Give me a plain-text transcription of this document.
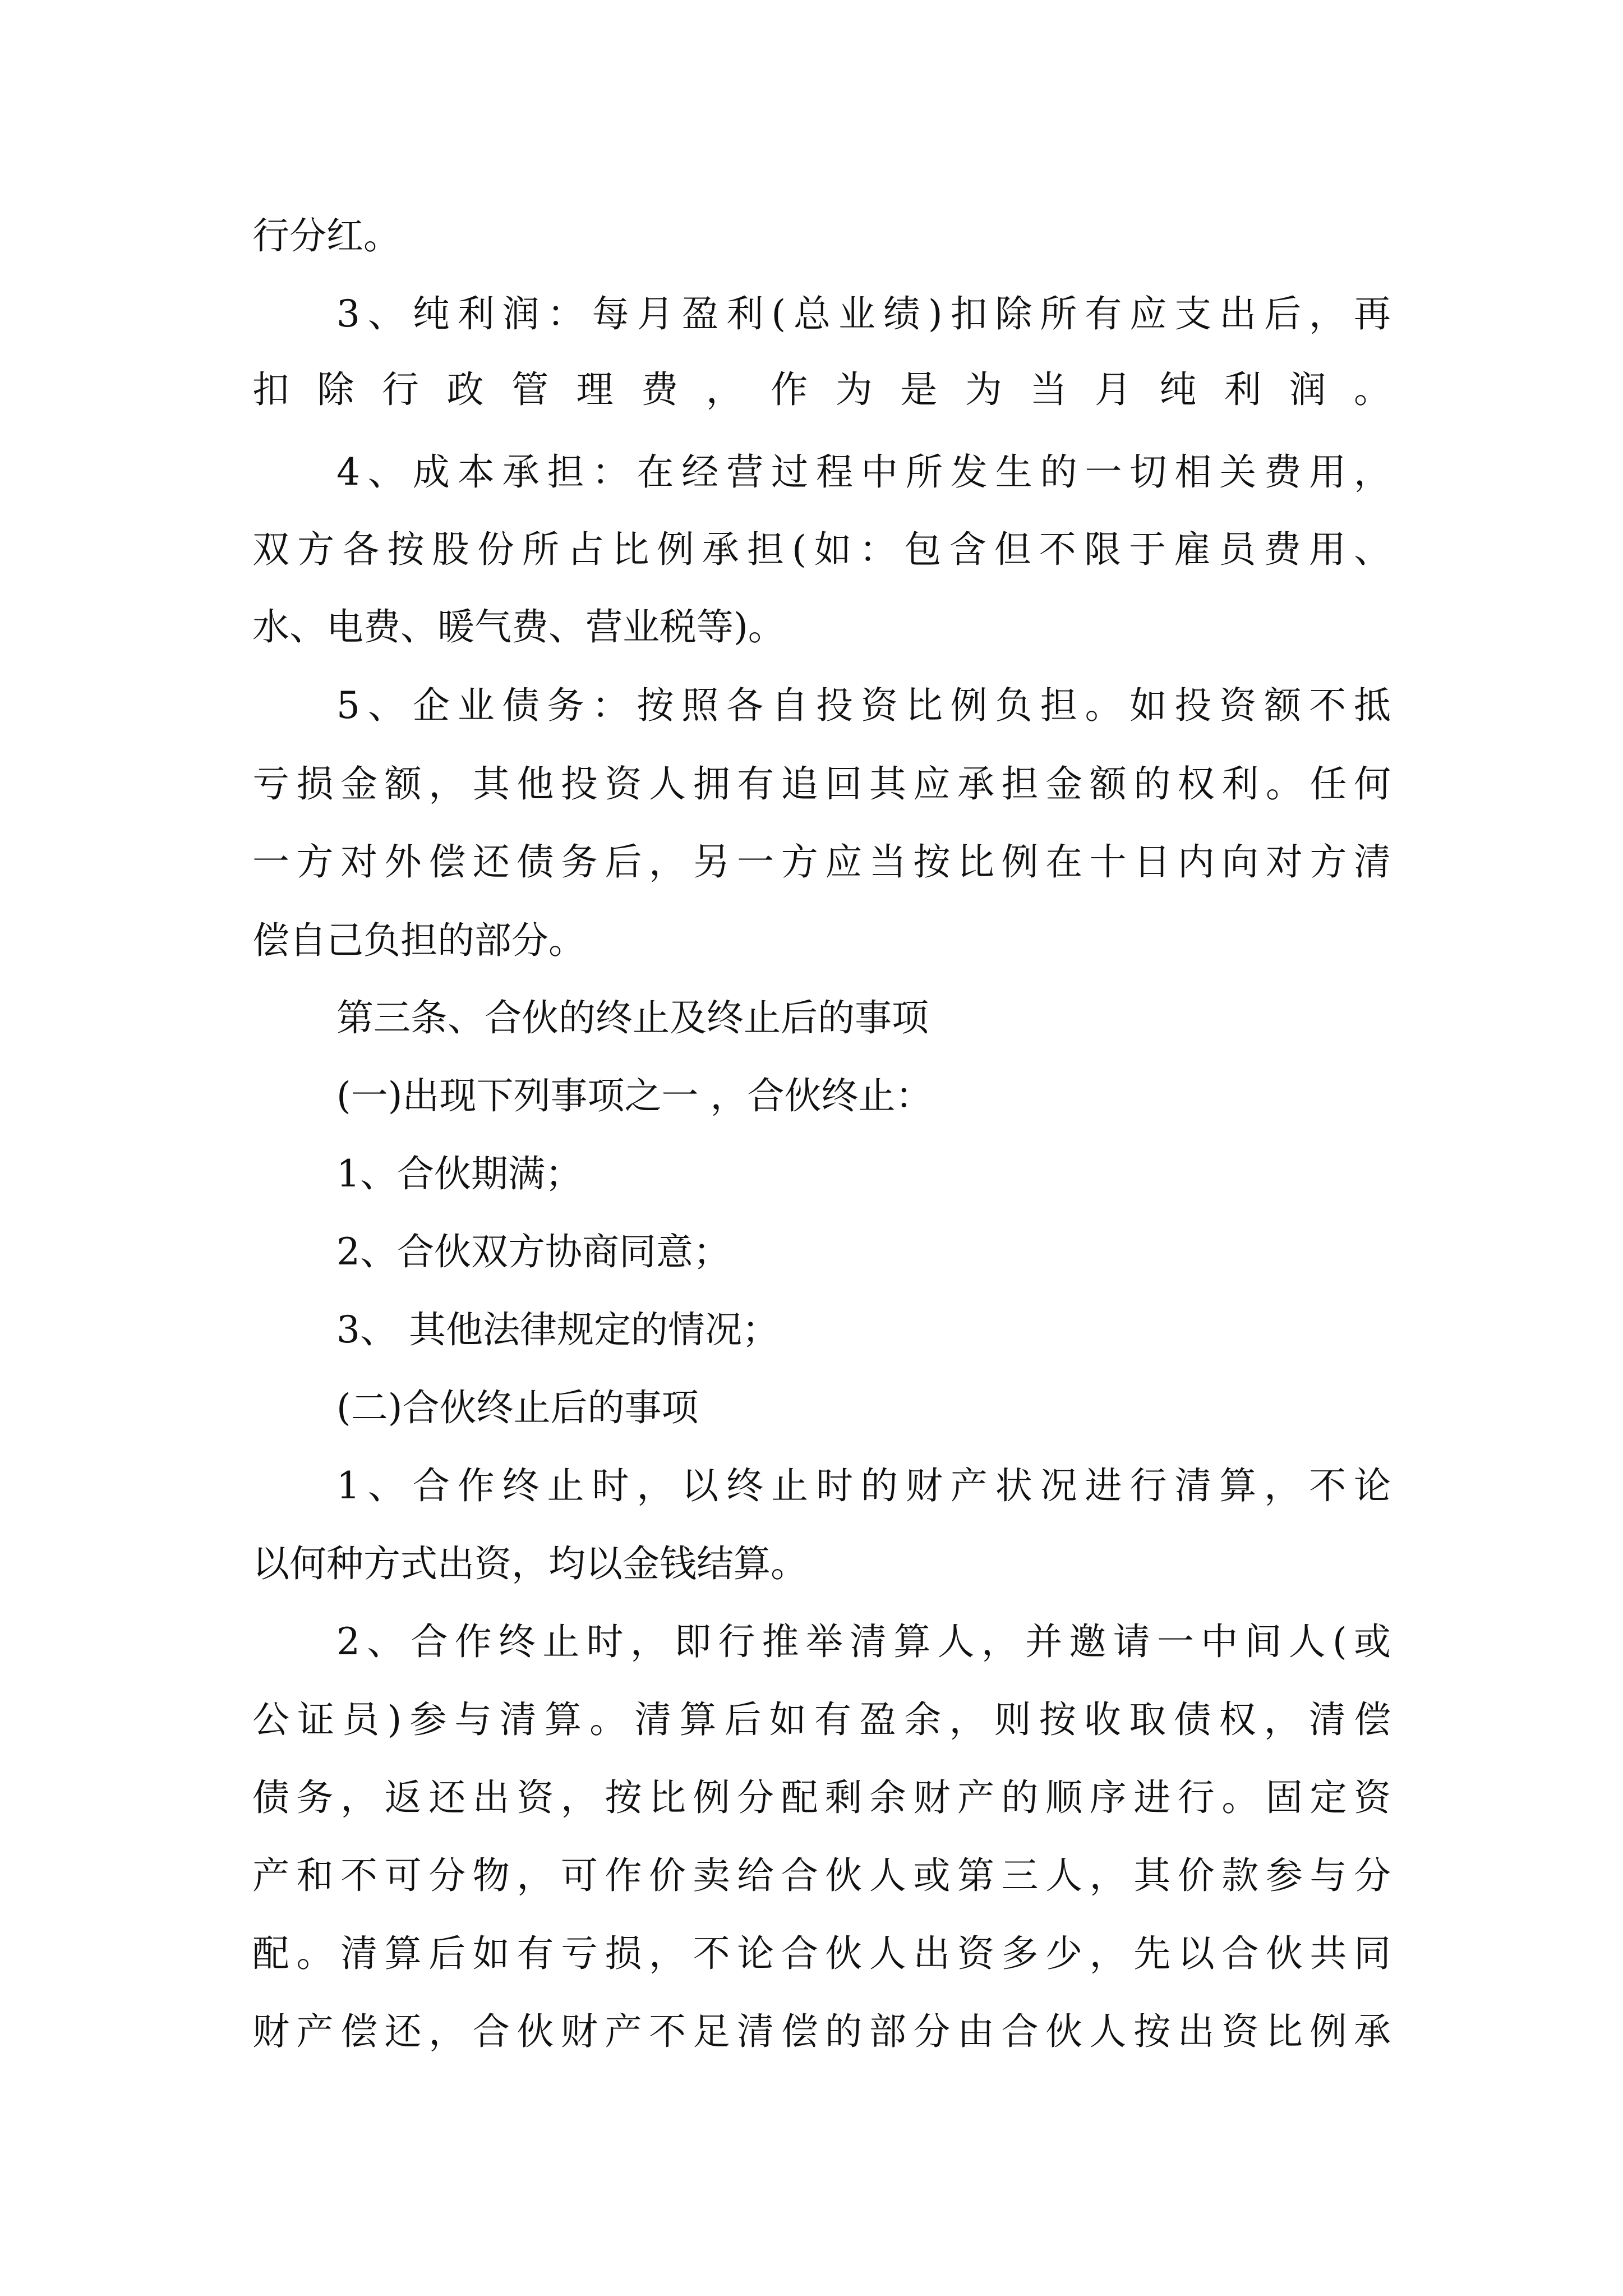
行分红。
3、纯利润：每月盈利(总业绩)扣除所有应支出后，再
扣除行政管理费，作为是为当月纯利润。
4、成本承担：在经营过程中所发生的一切相关费用，
双方各按股份所占比例承担(如：包含但不限于雇员费用、
水、电费、暖气费、营业税等)。
5、企业债务：按照各自投资比例负担。如投资额不抵
亏损金额，其他投资人拥有追回其应承担金额的权利。任何
一方对外偿还债务后，另一方应当按比例在十日内向对方清
偿自己负担的部分。
第三条、合伙的终止及终止后的事项
(一)出现下列事项之一 ，合伙终止：
1、合伙期满；
2、合伙双方协商同意；
3、 其他法律规定的情况；
(二)合伙终止后的事项
1、合作终止时，以终止时的财产状况进行清算，不论
以何种方式出资，均以金钱结算。
2、合作终止时，即行推举清算人，并邀请一中间人(或
公证员)参与清算。清算后如有盈余，则按收取债权，清偿
债务，返还出资，按比例分配剩余财产的顺序进行。固定资
产和不可分物，可作价卖给合伙人或第三人，其价款参与分
配。清算后如有亏损，不论合伙人出资多少，先以合伙共同
财产偿还，合伙财产不足清偿的部分由合伙人按出资比例承
